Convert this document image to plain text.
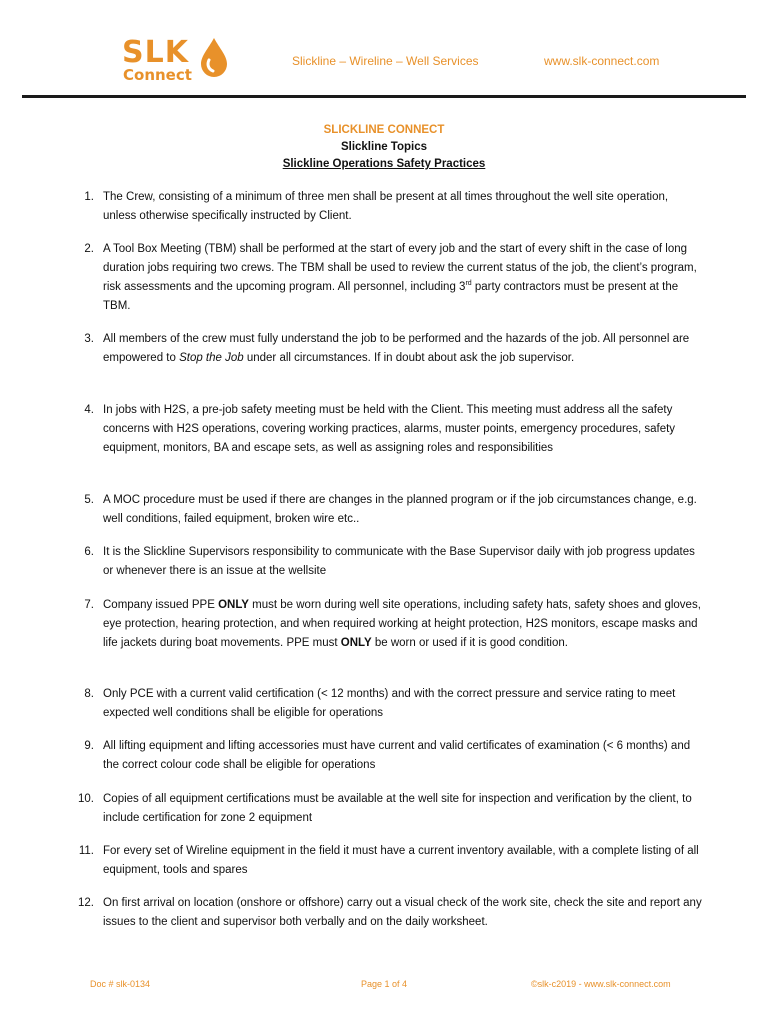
SLK
Connect
Slickline – Wireline – Well Services	www.slk-connect.com
SLICKLINE CONNECT
Slickline Topics
Slickline Operations Safety Practices
1. The Crew, consisting of a minimum of three men shall be present at all times throughout the well site operation, unless otherwise specifically instructed by Client.
2. A Tool Box Meeting (TBM) shall be performed at the start of every job and the start of every shift in the case of long duration jobs requiring two crews. The TBM shall be used to review the current status of the job, the client’s program, risk assessments and the upcoming program. All personnel, including 3rd party contractors must be present at the TBM.
3. All members of the crew must fully understand the job to be performed and the hazards of the job. All personnel are empowered to Stop the Job under all circumstances. If in doubt about ask the job supervisor.
4. In jobs with H2S, a pre-job safety meeting must be held with the Client. This meeting must address all the safety concerns with H2S operations, covering working practices, alarms, muster points, emergency procedures, safety equipment, monitors, BA and escape sets, as well as assigning roles and responsibilities
5. A MOC procedure must be used if there are changes in the planned program or if the job circumstances change, e.g. well conditions, failed equipment, broken wire etc..
6. It is the Slickline Supervisors responsibility to communicate with the Base Supervisor daily with job progress updates or whenever there is an issue at the wellsite
7. Company issued PPE ONLY must be worn during well site operations, including safety hats, safety shoes and gloves, eye protection, hearing protection, and when required working at height protection, H2S monitors, escape masks and life jackets during boat movements. PPE must ONLY be worn or used if it is good condition.
8. Only PCE with a current valid certification (< 12 months) and with the correct pressure and service rating to meet expected well conditions shall be eligible for operations
9. All lifting equipment and lifting accessories must have current and valid certificates of examination (< 6 months) and the correct colour code shall be eligible for operations
10. Copies of all equipment certifications must be available at the well site for inspection and verification by the client, to include certification for zone 2 equipment
11. For every set of Wireline equipment in the field it must have a current inventory available, with a complete listing of all equipment, tools and spares
12. On first arrival on location (onshore or offshore) carry out a visual check of the work site, check the site and report any issues to the client and supervisor both verbally and on the daily worksheet.
Doc # slk-0134	Page 1 of 4	©slk-c2019 - www.slk-connect.com
